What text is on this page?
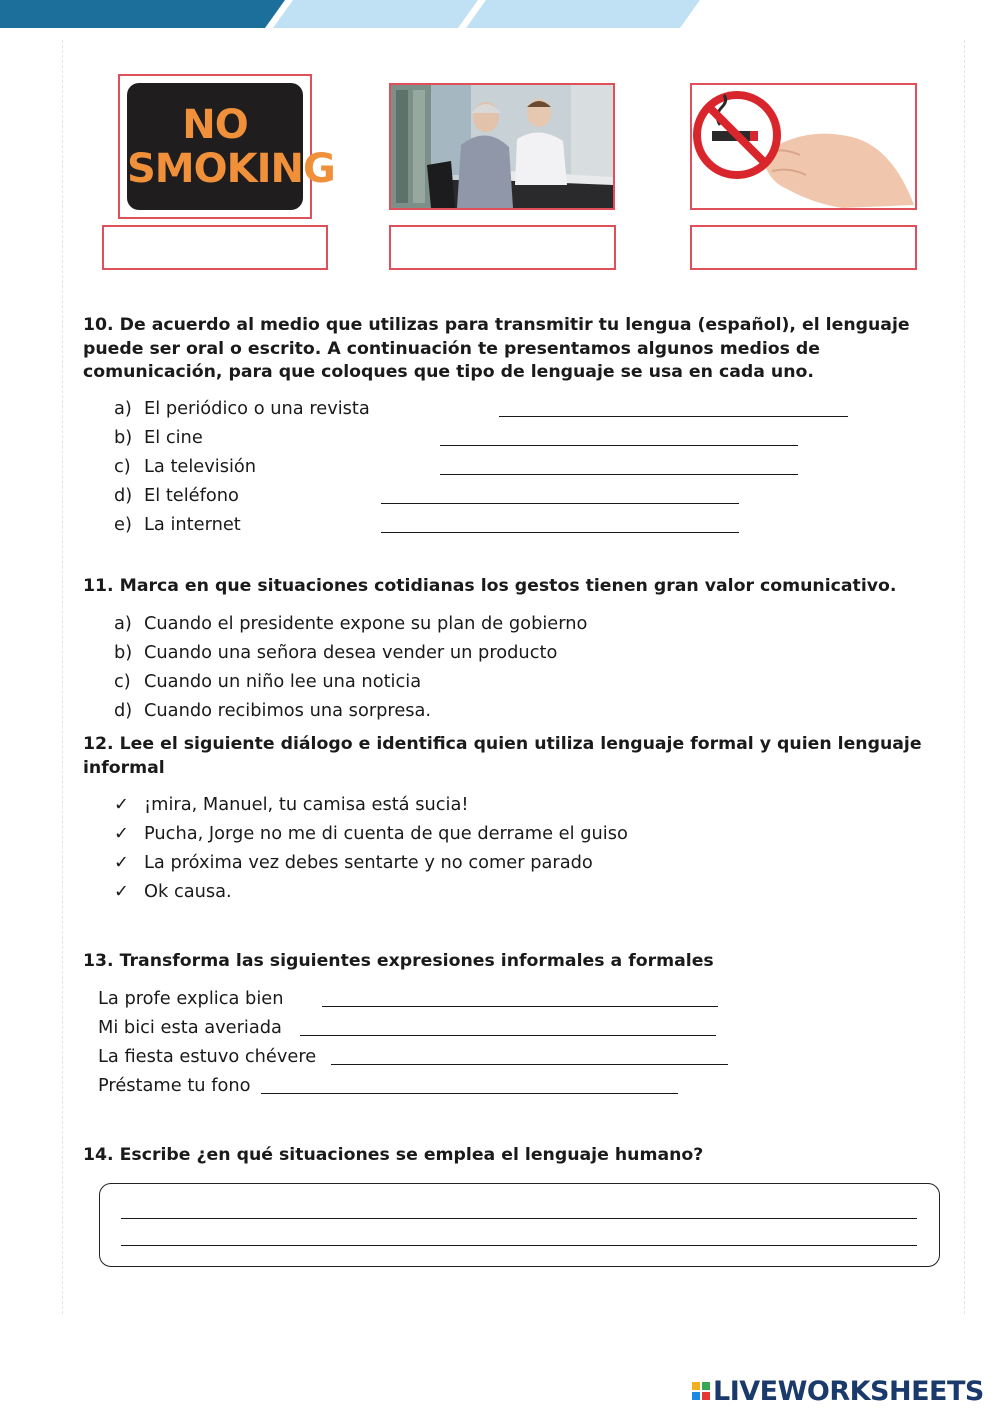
NO
SMOKING
10. De acuerdo al medio que utilizas para transmitir tu lengua (español), el lenguaje puede ser oral o escrito. A continuación te presentamos algunos medios de comunicación, para que coloques que tipo de lenguaje se usa en cada uno.
a) El periódico o una revista
b) El cine
c) La televisión
d) El teléfono
e) La internet
11. Marca en que situaciones cotidianas los gestos tienen gran valor comunicativo.
a) Cuando el presidente expone su plan de gobierno
b) Cuando una señora desea vender un producto
c) Cuando un niño lee una noticia
d) Cuando recibimos una sorpresa.
12. Lee el siguiente diálogo e identifica quien utiliza lenguaje formal y quien lenguaje informal
✓ ¡mira, Manuel, tu camisa está sucia!
✓ Pucha, Jorge no me di cuenta de que derrame el guiso
✓ La próxima vez debes sentarte y no comer parado
✓ Ok causa.
13. Transforma las siguientes expresiones informales a formales
La profe explica bien
Mi bici esta averiada
La fiesta estuvo chévere
Préstame tu fono
14. Escribe ¿en qué situaciones se emplea el lenguaje humano?
LIVEWORKSHEETS
